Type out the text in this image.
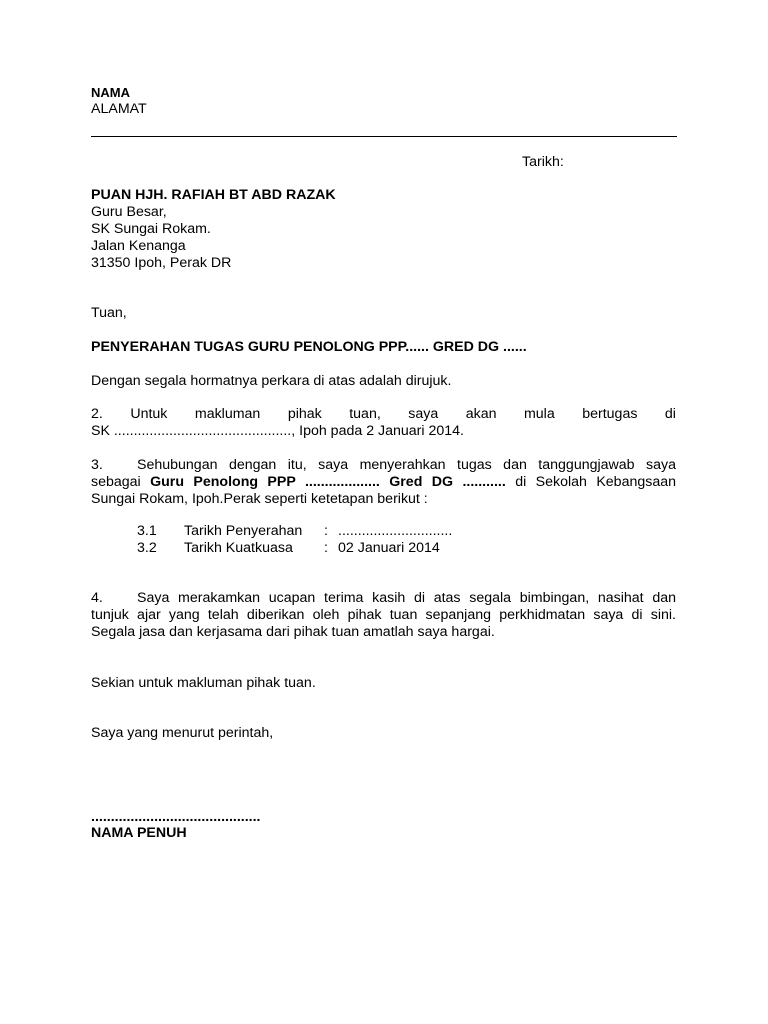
NAMA
ALAMAT
Tarikh:
PUAN HJH. RAFIAH BT ABD RAZAK
Guru Besar,
SK Sungai Rokam.
Jalan Kenanga
31350 Ipoh, Perak DR
Tuan,
PENYERAHAN TUGAS GURU PENOLONG PPP...... GRED DG ......
Dengan segala hormatnya perkara di atas adalah dirujuk.
2. Untuk makluman pihak tuan, saya akan mula bertugas di
SK ............................................., Ipoh pada 2 Januari 2014.
3. Sehubungan dengan itu, saya menyerahkan tugas dan tanggungjawab saya
sebagai Guru Penolong PPP ................... Gred DG ........... di Sekolah Kebangsaan
Sungai Rokam, Ipoh.Perak seperti ketetapan berikut :
3.1 Tarikh Penyerahan : .............................
3.2 Tarikh Kuatkuasa : 02 Januari 2014
4. Saya merakamkan ucapan terima kasih di atas segala bimbingan, nasihat dan
tunjuk ajar yang telah diberikan oleh pihak tuan sepanjang perkhidmatan saya di sini.
Segala jasa dan kerjasama dari pihak tuan amatlah saya hargai.
Sekian untuk makluman pihak tuan.
Saya yang menurut perintah,
...........................................
NAMA PENUH
